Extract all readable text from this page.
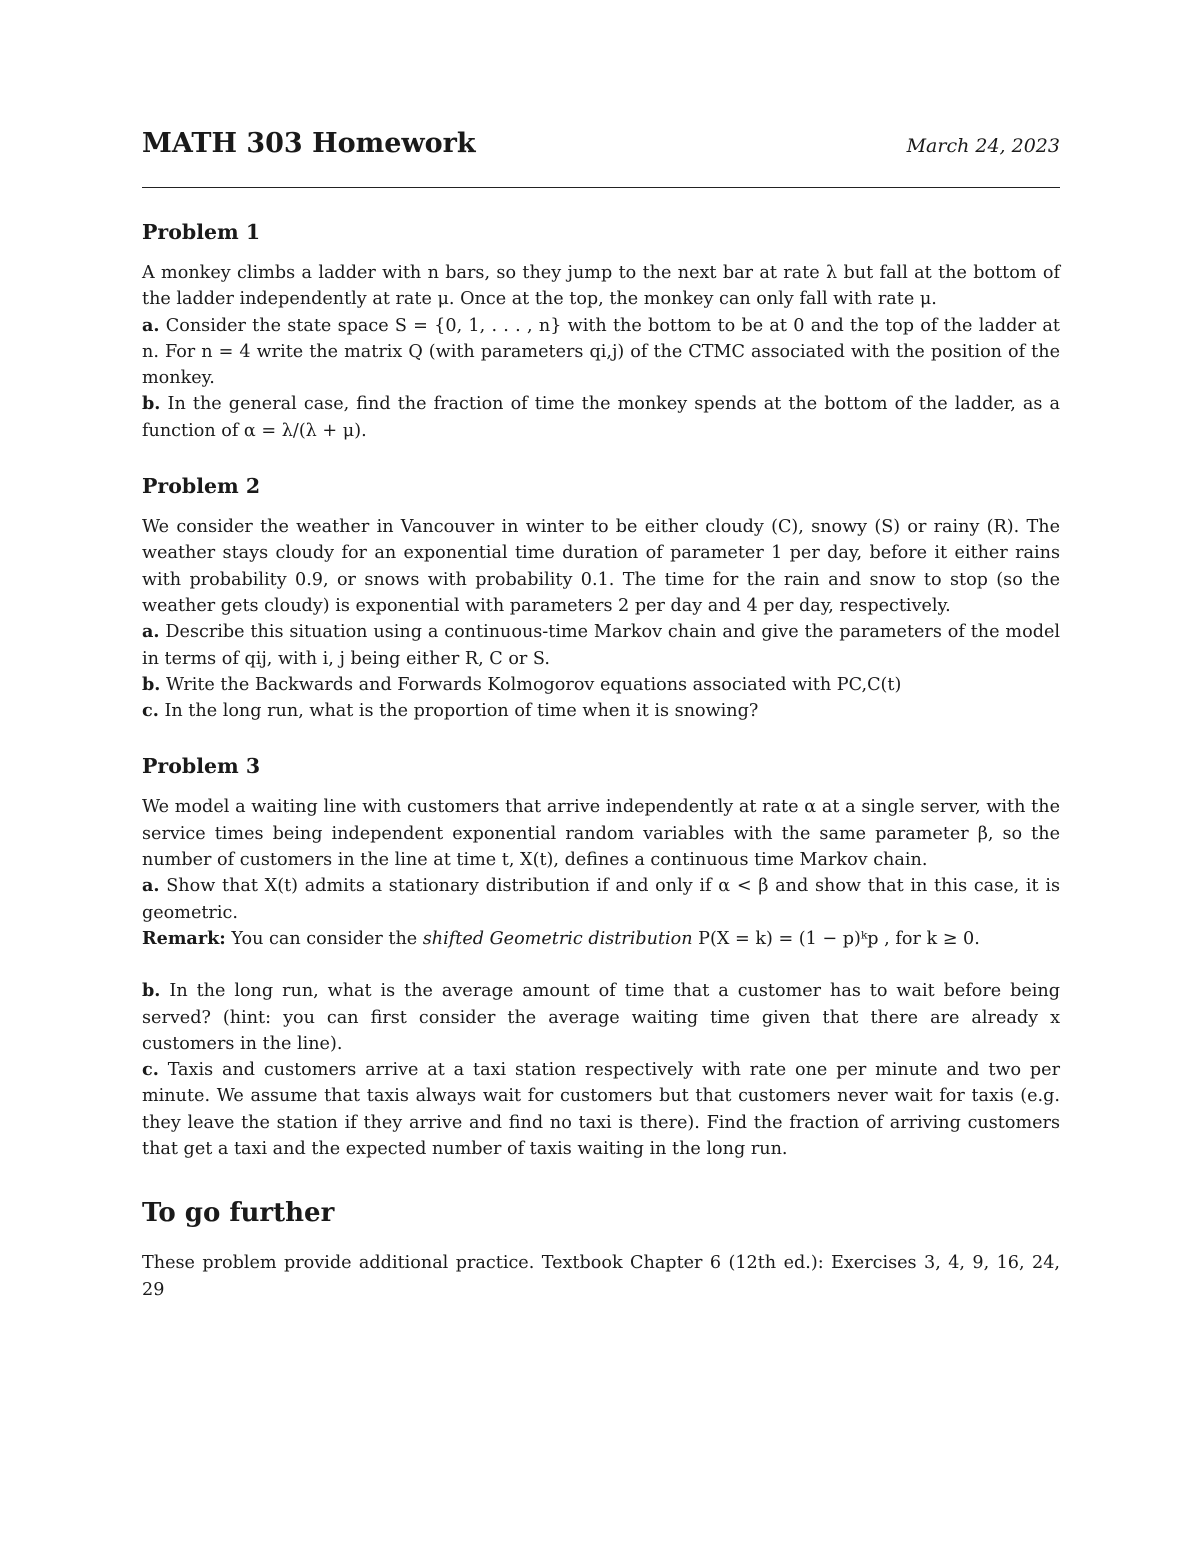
MATH 303 Homework	March 24, 2023
Problem 1

A monkey climbs a ladder with n bars, so they jump to the next bar at rate λ but fall at the bottom of the ladder independently at rate μ. Once at the top, the monkey can only fall with rate μ.
a. Consider the state space S = {0, 1, . . . , n} with the bottom to be at 0 and the top of the ladder at n. For n = 4 write the matrix Q (with parameters qi,j) of the CTMC associated with the position of the monkey.
b. In the general case, find the fraction of time the monkey spends at the bottom of the ladder, as a function of α = λ/(λ + μ).

Problem 2

We consider the weather in Vancouver in winter to be either cloudy (C), snowy (S) or rainy (R). The weather stays cloudy for an exponential time duration of parameter 1 per day, before it either rains with probability 0.9, or snows with probability 0.1. The time for the rain and snow to stop (so the weather gets cloudy) is exponential with parameters 2 per day and 4 per day, respectively.
a. Describe this situation using a continuous-time Markov chain and give the parameters of the model in terms of qij, with i, j being either R, C or S.
b. Write the Backwards and Forwards Kolmogorov equations associated with PC,C(t)
c. In the long run, what is the proportion of time when it is snowing?

Problem 3

We model a waiting line with customers that arrive independently at rate α at a single server, with the service times being independent exponential random variables with the same parameter β, so the number of customers in the line at time t, X(t), defines a continuous time Markov chain.
a. Show that X(t) admits a stationary distribution if and only if α < β and show that in this case, it is geometric.
Remark: You can consider the shifted Geometric distribution P(X = k) = (1 − p)ᵏp , for k ≥ 0.

b. In the long run, what is the average amount of time that a customer has to wait before being served? (hint: you can first consider the average waiting time given that there are already x customers in the line).
c. Taxis and customers arrive at a taxi station respectively with rate one per minute and two per minute. We assume that taxis always wait for customers but that customers never wait for taxis (e.g. they leave the station if they arrive and find no taxi is there). Find the fraction of arriving customers that get a taxi and the expected number of taxis waiting in the long run.

To go further

These problem provide additional practice. Textbook Chapter 6 (12th ed.): Exercises 3, 4, 9, 16, 24, 29
